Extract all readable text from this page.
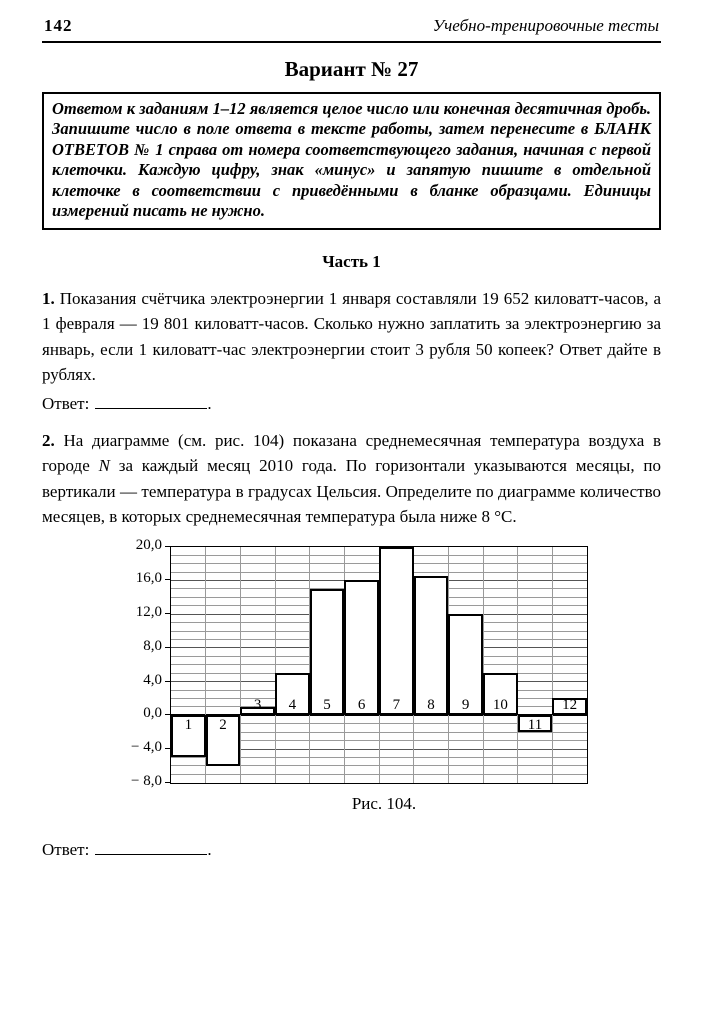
142	Учебно-тренировочные тесты
Вариант № 27
Ответом к заданиям 1–12 является целое число или конечная десятичная дробь. Запишите число в поле ответа в тексте работы, затем перенесите в БЛАНК ОТВЕТОВ № 1 справа от номера соответствующего задания, начиная с первой клеточки. Каждую цифру, знак «минус» и запятую пишите в отдельной клеточке в соответствии с приведёнными в бланке образцами. Единицы измерений писать не нужно.
Часть 1

1. Показания счётчика электроэнергии 1 января составляли 19 652 киловатт-часов, а 1 февраля — 19 801 киловатт-часов. Сколько нужно заплатить за электроэнергию за январь, если 1 киловатт-час электроэнергии стоит 3 рубля 50 копеек? Ответ дайте в рублях.

Ответ:	.

2. На диаграмме (см. рис. 104) показана среднемесячная температура воздуха в городе N за каждый месяц 2010 года. По горизонтали указываются месяцы, по вертикали — температура в градусах Цельсия. Определите по диаграмме количество месяцев, в которых среднемесячная температура была ниже 8 °С.

20,0
16,0
12,0
8,0
4,0
0,0
− 4,0
− 8,0
1	2
3	4	5	6	7	8	9	10
11
12
Рис. 104.
Ответ:	.
